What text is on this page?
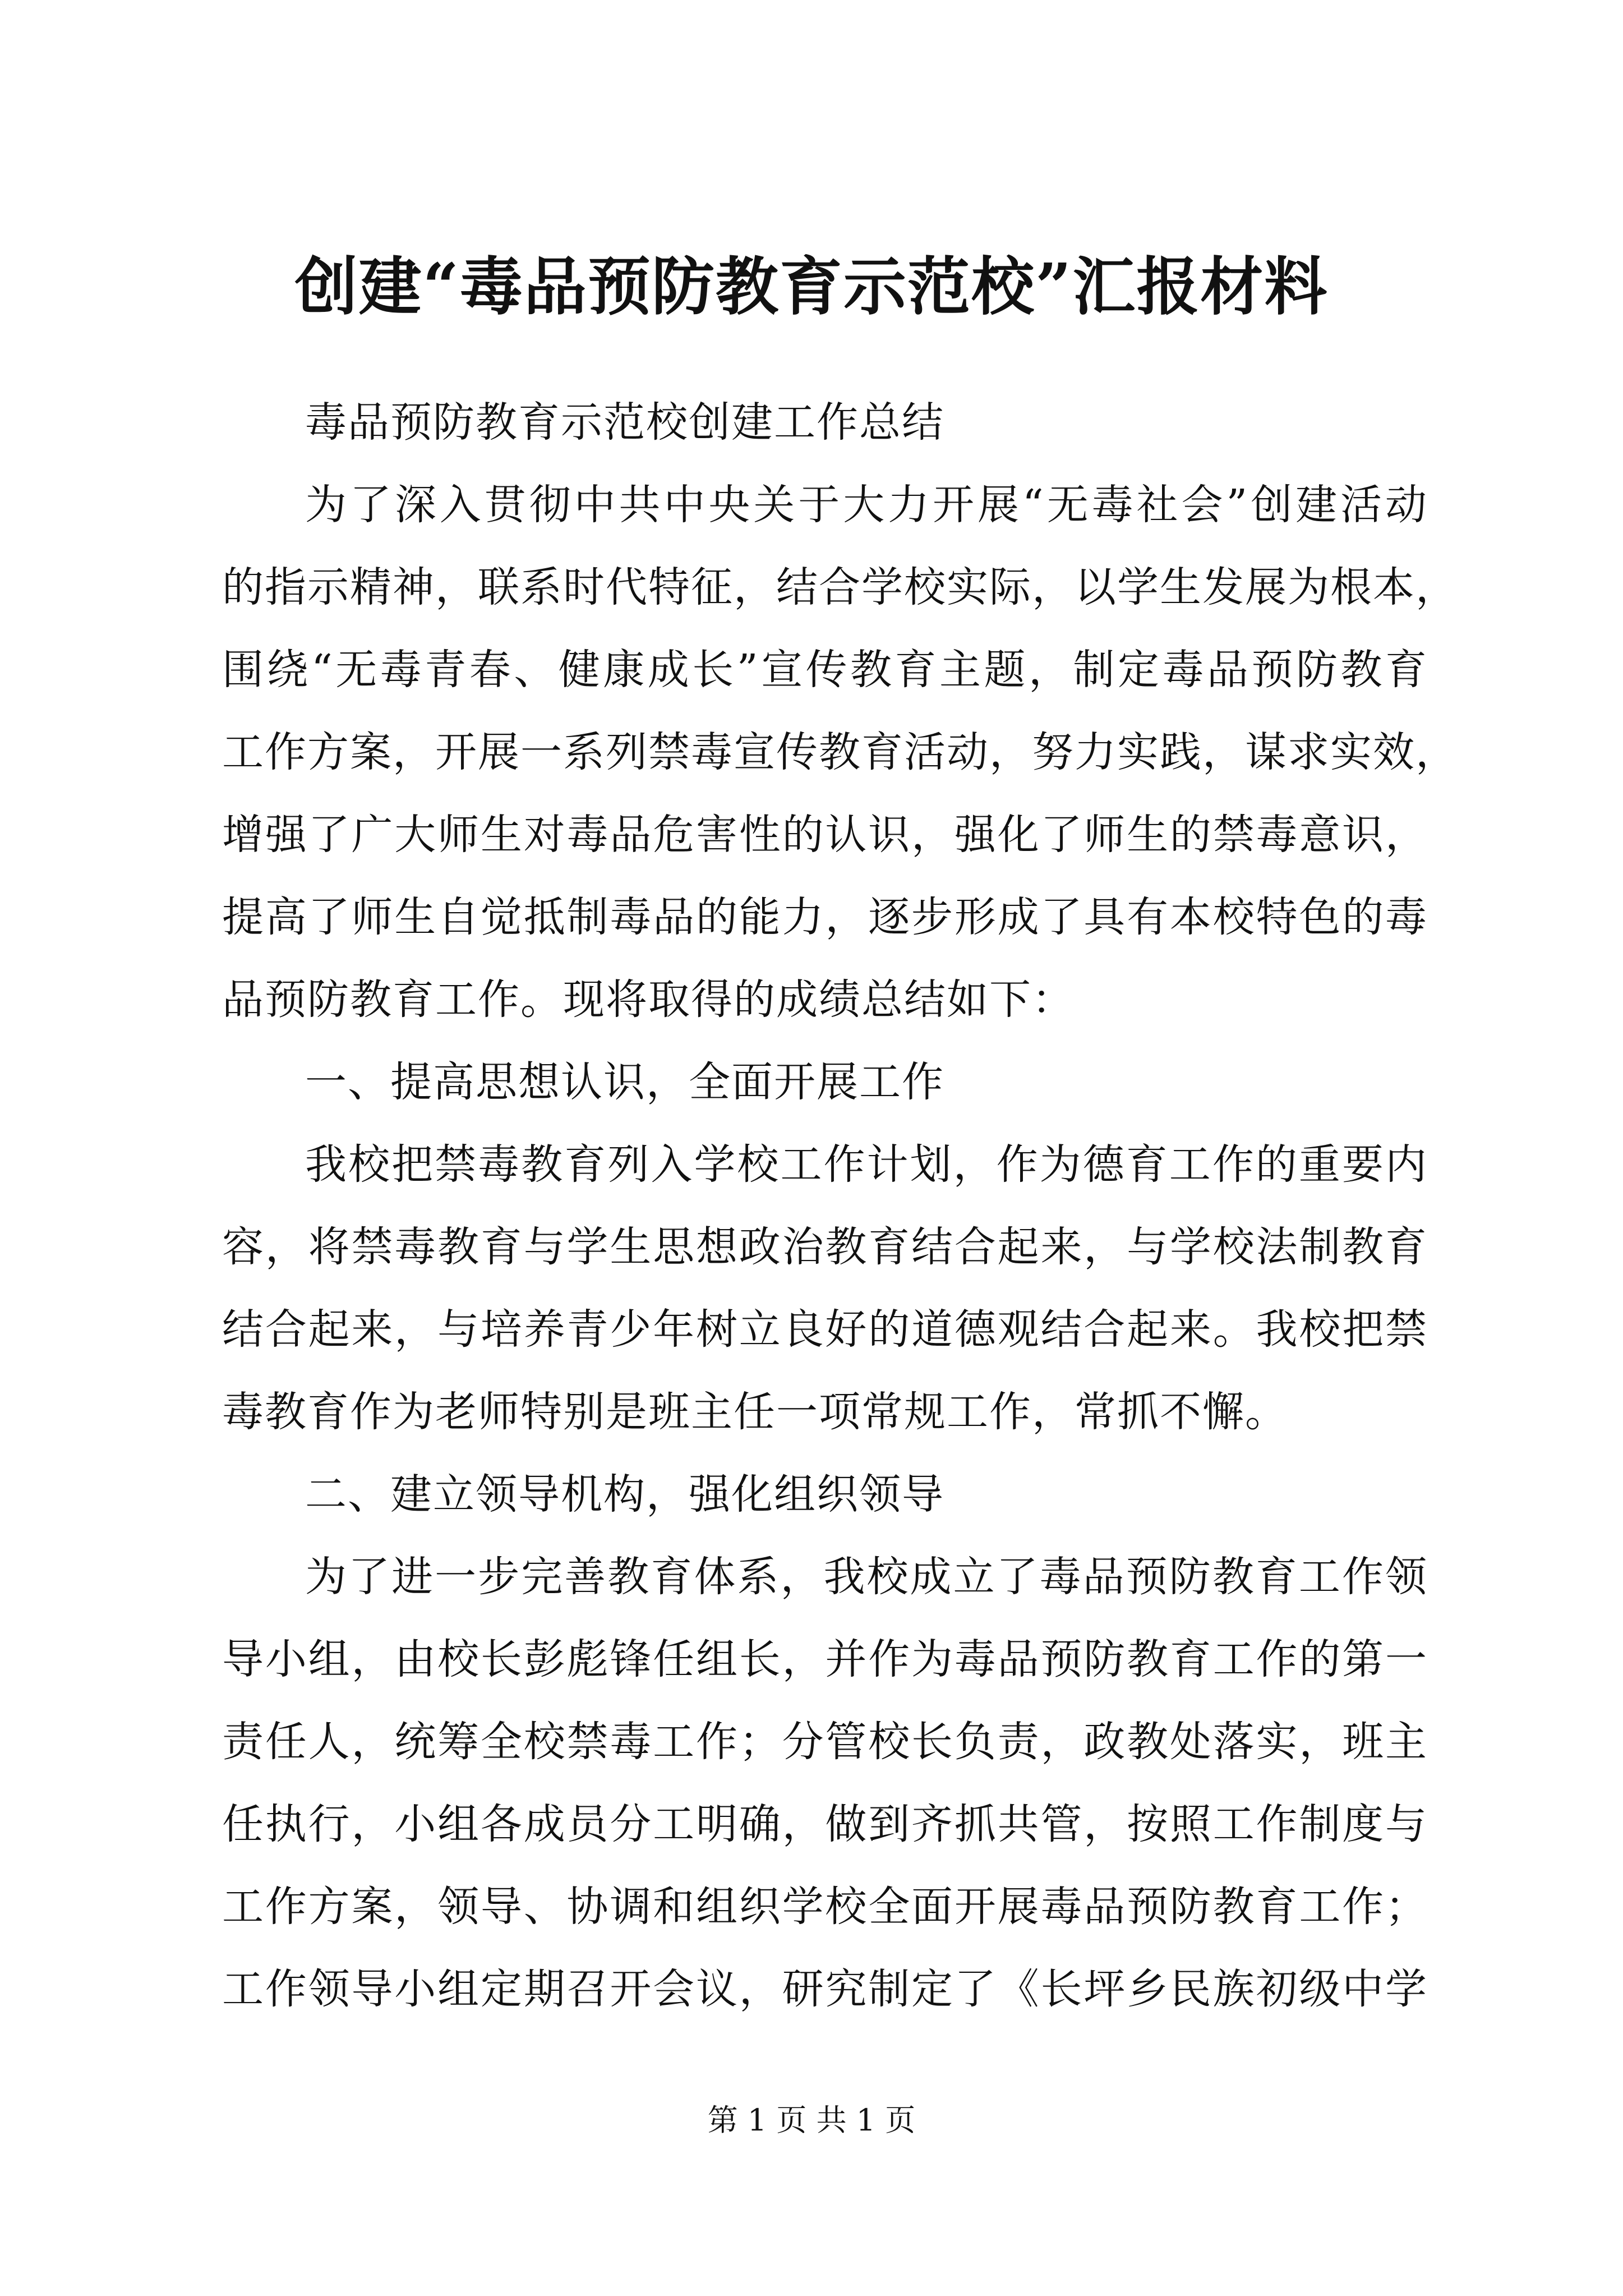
创建“毒品预防教育示范校”汇报材料
毒品预防教育示范校创建工作总结
为了深入贯彻中共中央关于大力开展“无毒社会”创建活动
的指示精神，联系时代特征，结合学校实际，以学生发展为根本，
围绕“无毒青春、健康成长”宣传教育主题，制定毒品预防教育
工作方案，开展一系列禁毒宣传教育活动，努力实践，谋求实效，
增强了广大师生对毒品危害性的认识，强化了师生的禁毒意识，
提高了师生自觉抵制毒品的能力，逐步形成了具有本校特色的毒
品预防教育工作。现将取得的成绩总结如下：
一、提高思想认识，全面开展工作
我校把禁毒教育列入学校工作计划，作为德育工作的重要内
容，将禁毒教育与学生思想政治教育结合起来，与学校法制教育
结合起来，与培养青少年树立良好的道德观结合起来。我校把禁
毒教育作为老师特别是班主任一项常规工作，常抓不懈。
二、建立领导机构，强化组织领导
为了进一步完善教育体系，我校成立了毒品预防教育工作领
导小组，由校长彭彪锋任组长，并作为毒品预防教育工作的第一
责任人，统筹全校禁毒工作；分管校长负责，政教处落实，班主
任执行，小组各成员分工明确，做到齐抓共管，按照工作制度与
工作方案，领导、协调和组织学校全面开展毒品预防教育工作；
工作领导小组定期召开会议，研究制定了《长坪乡民族初级中学
第 1 页 共 1 页
